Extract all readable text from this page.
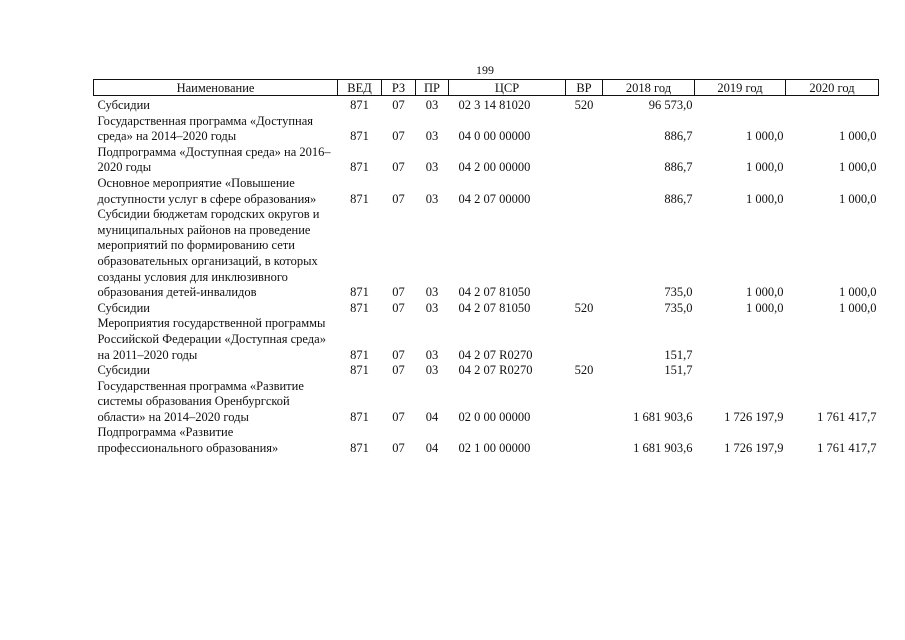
199
Наименование	ВЕД	РЗ	ПР	ЦСР	ВР	2018 год	2019 год	2020 год
Субсидии	871	07	03	02 3 14 81020	520	96 573,0		
Государственная программа «Доступная среда» на 2014–2020 годы	871	07	03	04 0 00 00000		886,7	1 000,0	1 000,0
Подпрограмма «Доступная среда» на 2016–2020 годы	871	07	03	04 2 00 00000		886,7	1 000,0	1 000,0
Основное мероприятие «Повышение доступности услуг в сфере образования»	871	07	03	04 2 07 00000		886,7	1 000,0	1 000,0
Субсидии бюджетам городских округов и муниципальных районов на проведение мероприятий по формированию сети образовательных организаций, в которых созданы условия для инклюзивного образования детей-инвалидов	871	07	03	04 2 07 81050		735,0	1 000,0	1 000,0
Субсидии	871	07	03	04 2 07 81050	520	735,0	1 000,0	1 000,0
Мероприятия государственной программы Российской Федерации «Доступная среда» на 2011–2020 годы	871	07	03	04 2 07 R0270		151,7		
Субсидии	871	07	03	04 2 07 R0270	520	151,7		
Государственная программа «Развитие системы образования Оренбургской области» на 2014–2020 годы	871	07	04	02 0 00 00000		1 681 903,6	1 726 197,9	1 761 417,7
Подпрограмма «Развитие профессионального образования»	871	07	04	02 1 00 00000		1 681 903,6	1 726 197,9	1 761 417,7
